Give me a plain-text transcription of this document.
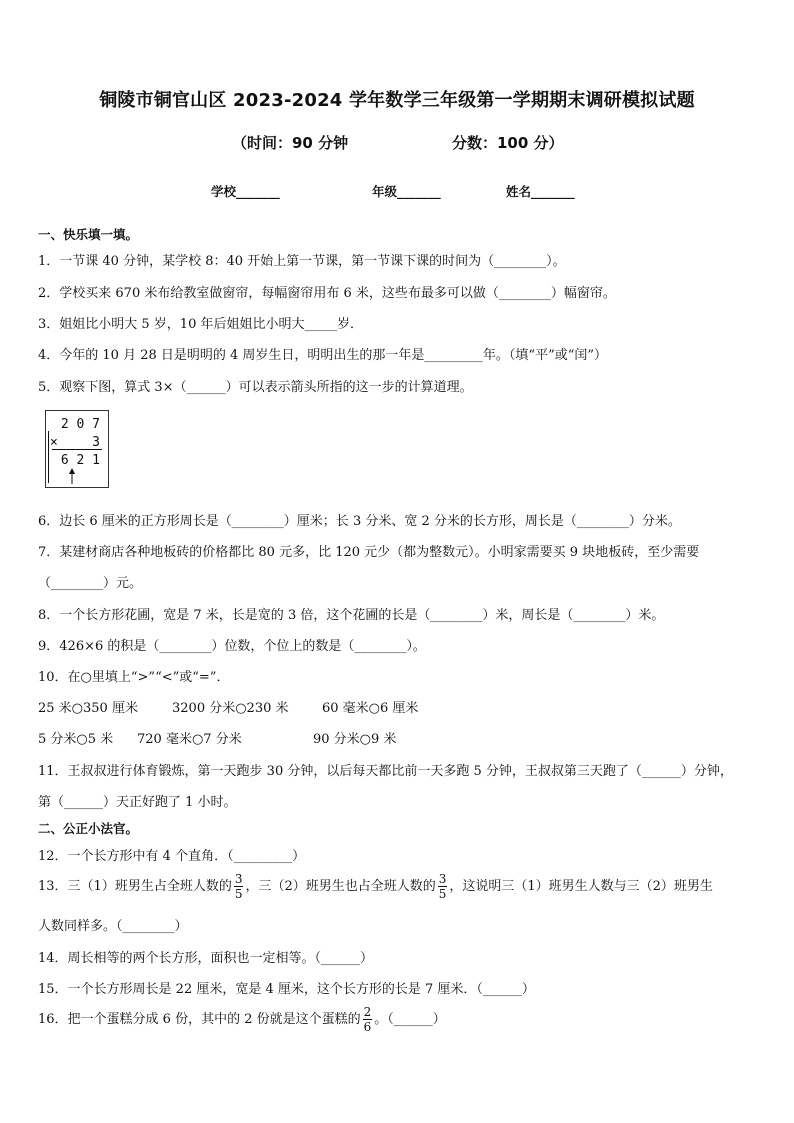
铜陵市铜官山区 2023-2024 学年数学三年级第一学期期末调研模拟试题
（时间：90 分钟	分数：100 分）
学校_______	年级_______	姓名_______
一、快乐填一填。
1．一节课 40 分钟，某学校 8：40 开始上第一节课，第一节课下课的时间为（________）。
2．学校买来 670 米布给教室做窗帘，每幅窗帘用布 6 米，这些布最多可以做（________）幅窗帘。
3．姐姐比小明大 5 岁，10 年后姐姐比小明大_____岁．
4．今年的 10 月 28 日是明明的 4 周岁生日，明明出生的那一年是_________年。（填“平”或“闰”）
5．观察下图，算式 3×（______）可以表示箭头所指的这一步的计算道理。
2 0 7
×	3
6 2 1
6．边长 6 厘米的正方形周长是（________）厘米；长 3 分米、宽 2 分米的长方形，周长是（________）分米。
7．某建材商店各种地板砖的价格都比 80 元多，比 120 元少（都为整数元）。小明家需要买 9 块地板砖，至少需要
（________）元。
8．一个长方形花圃，宽是 7 米，长是宽的 3 倍，这个花圃的长是（________）米，周长是（________）米。
9．426×6 的积是（________）位数，个位上的数是（________）。
10．在○里填上“>”“<”或“=”．
25 米○350 厘米	3200 分米○230 米	60 毫米○6 厘米
5 分米○5 米 720 毫米○7 分米	90 分米○9 米
11．王叔叔进行体育锻炼，第一天跑步 30 分钟，以后每天都比前一天多跑 5 分钟，王叔叔第三天跑了（______）分钟，
第（______）天正好跑了 1 小时。
二、公正小法官。
12．一个长方形中有 4 个直角．（_________）
13．三（1）班男生占全班人数的 $\frac{3}{5}$ ，三（2）班男生也占全班人数的 $\frac{3}{5}$ ，这说明三（1）班男生人数与三（2）班男生
人数同样多。（________）
14．周长相等的两个长方形，面积也一定相等。（______）
15．一个长方形周长是 22 厘米，宽是 4 厘米，这个长方形的长是 7 厘米．（______）
16．把一个蛋糕分成 6 份，其中的 2 份就是这个蛋糕的 $\frac{2}{6}$ 。（______）
